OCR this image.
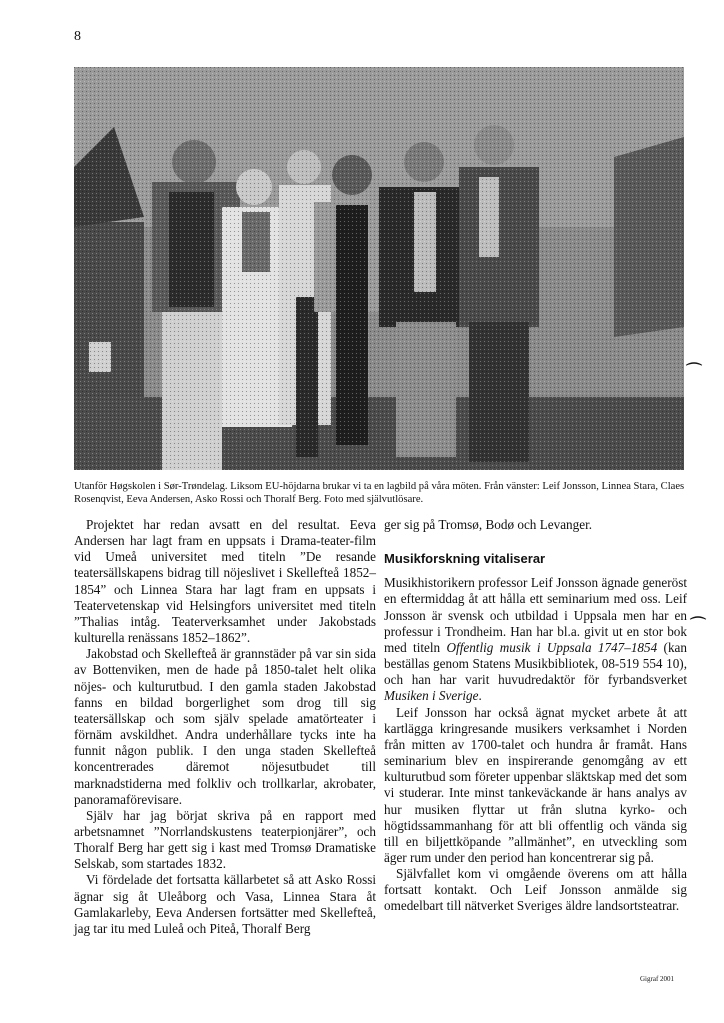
8
Utanför Høgskolen i Sør-Trøndelag. Liksom EU-höjdarna brukar vi ta en lagbild på våra möten. Från vänster: Leif Jonsson, Linnea Stara, Claes Rosenqvist, Eeva Andersen, Asko Rossi och Thoralf Berg. Foto med självutlösare.

Projektet har redan avsatt en del resultat. Eeva Andersen har lagt fram en uppsats i Drama-teater-film vid Umeå universitet med titeln ”De resande teatersällskapens bidrag till nöjeslivet i Skellefteå 1852–1854” och Linnea Stara har lagt fram en uppsats i Teatervetenskap vid Helsingfors universitet med titeln ”Thalias intåg. Teaterverksamhet under Jakobstads kulturella renässans 1852–1862”.

Jakobstad och Skellefteå är grannstäder på var sin sida av Bottenviken, men de hade på 1850-talet helt olika nöjes- och kulturutbud. I den gamla staden Jakobstad fanns en bildad borgerlighet som drog till sig teatersällskap och som själv spelade amatörteater i förnäm avskildhet. Andra underhållare tycks inte ha funnit någon publik. I den unga staden Skellefteå koncentrerades däremot nöjesutbudet till marknadstiderna med folkliv och trollkarlar, akrobater, panoramaförevisare.

Själv har jag börjat skriva på en rapport med arbetsnamnet ”Norrlandskustens teaterpionjärer”, och Thoralf Berg har gett sig i kast med Tromsø Dramatiske Selskab, som startades 1832.

Vi fördelade det fortsatta källarbetet så att Asko Rossi ägnar sig åt Uleåborg och Vasa, Linnea Stara åt Gamlakarleby, Eeva Andersen fortsätter med Skellefteå, jag tar itu med Luleå och Piteå, Thoralf Berg

ger sig på Tromsø, Bodø och Levanger.

Musikforskning vitaliserar

Musikhistorikern professor Leif Jonsson ägnade generöst en eftermiddag åt att hålla ett seminarium med oss. Leif Jonsson är svensk och utbildad i Uppsala men har en professur i Trondheim. Han har bl.a. givit ut en stor bok med titeln Offentlig musik i Uppsala 1747–1854 (kan beställas genom Statens Musikbibliotek, 08-519 554 10), och han har varit huvudredaktör för fyrbandsverket Musiken i Sverige.

Leif Jonsson har också ägnat mycket arbete åt att kartlägga kringresande musikers verksamhet i Norden från mitten av 1700-talet och hundra år framåt. Hans seminarium blev en inspirerande genomgång av ett kulturutbud som företer uppenbar släktskap med det som vi studerar. Inte minst tankeväckande är hans analys av hur musiken flyttar ut från slutna kyrko- och högtidssammanhang för att bli offentlig och vända sig till en biljettköpande ”allmänhet”, en utveckling som äger rum under den period han koncentrerar sig på.

Självfallet kom vi omgående överens om att hålla fortsatt kontakt. Och Leif Jonsson anmälde sig omedelbart till nätverket Sveriges äldre landsortsteatrar.

⌒
⌒
Gigraf 2001
